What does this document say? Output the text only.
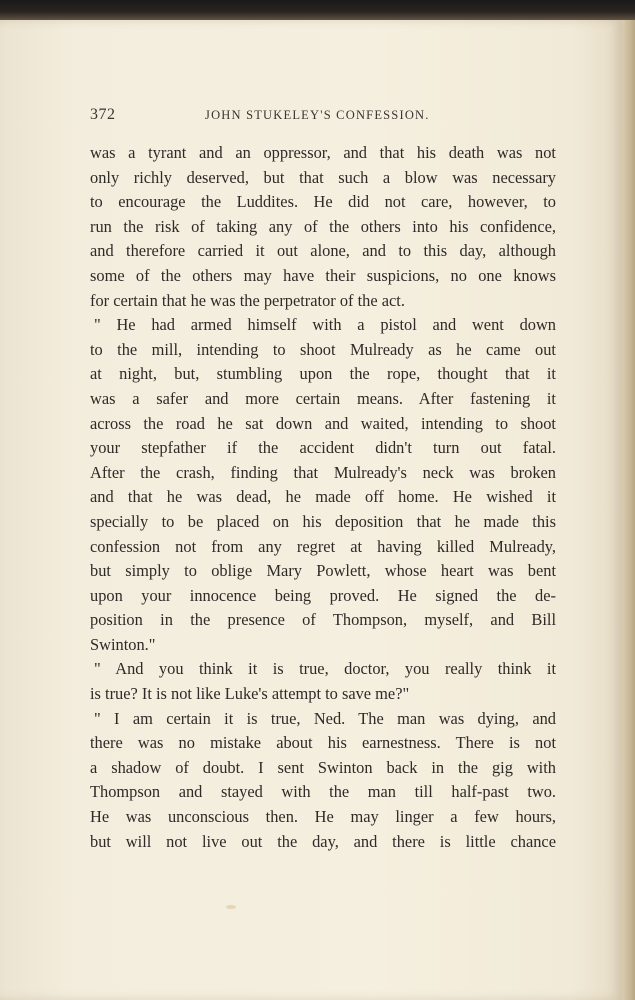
372	JOHN STUKELEY'S CONFESSION.
was a tyrant and an oppressor, and that his death was not
only richly deserved, but that such a blow was necessary
to encourage the Luddites. He did not care, however, to
run the risk of taking any of the others into his confidence,
and therefore carried it out alone, and to this day, although
some of the others may have their suspicions, no one knows
for certain that he was the perpetrator of the act.
" He had armed himself with a pistol and went down
to the mill, intending to shoot Mulready as he came out
at night, but, stumbling upon the rope, thought that it
was a safer and more certain means. After fastening it
across the road he sat down and waited, intending to shoot
your stepfather if the accident didn't turn out fatal.
After the crash, finding that Mulready's neck was broken
and that he was dead, he made off home. He wished it
specially to be placed on his deposition that he made this
confession not from any regret at having killed Mulready,
but simply to oblige Mary Powlett, whose heart was bent
upon your innocence being proved. He signed the de-
position in the presence of Thompson, myself, and Bill
Swinton."
" And you think it is true, doctor, you really think it
is true? It is not like Luke's attempt to save me?"
" I am certain it is true, Ned. The man was dying, and
there was no mistake about his earnestness. There is not
a shadow of doubt. I sent Swinton back in the gig with
Thompson and stayed with the man till half-past two.
He was unconscious then. He may linger a few hours,
but will not live out the day, and there is little chance
